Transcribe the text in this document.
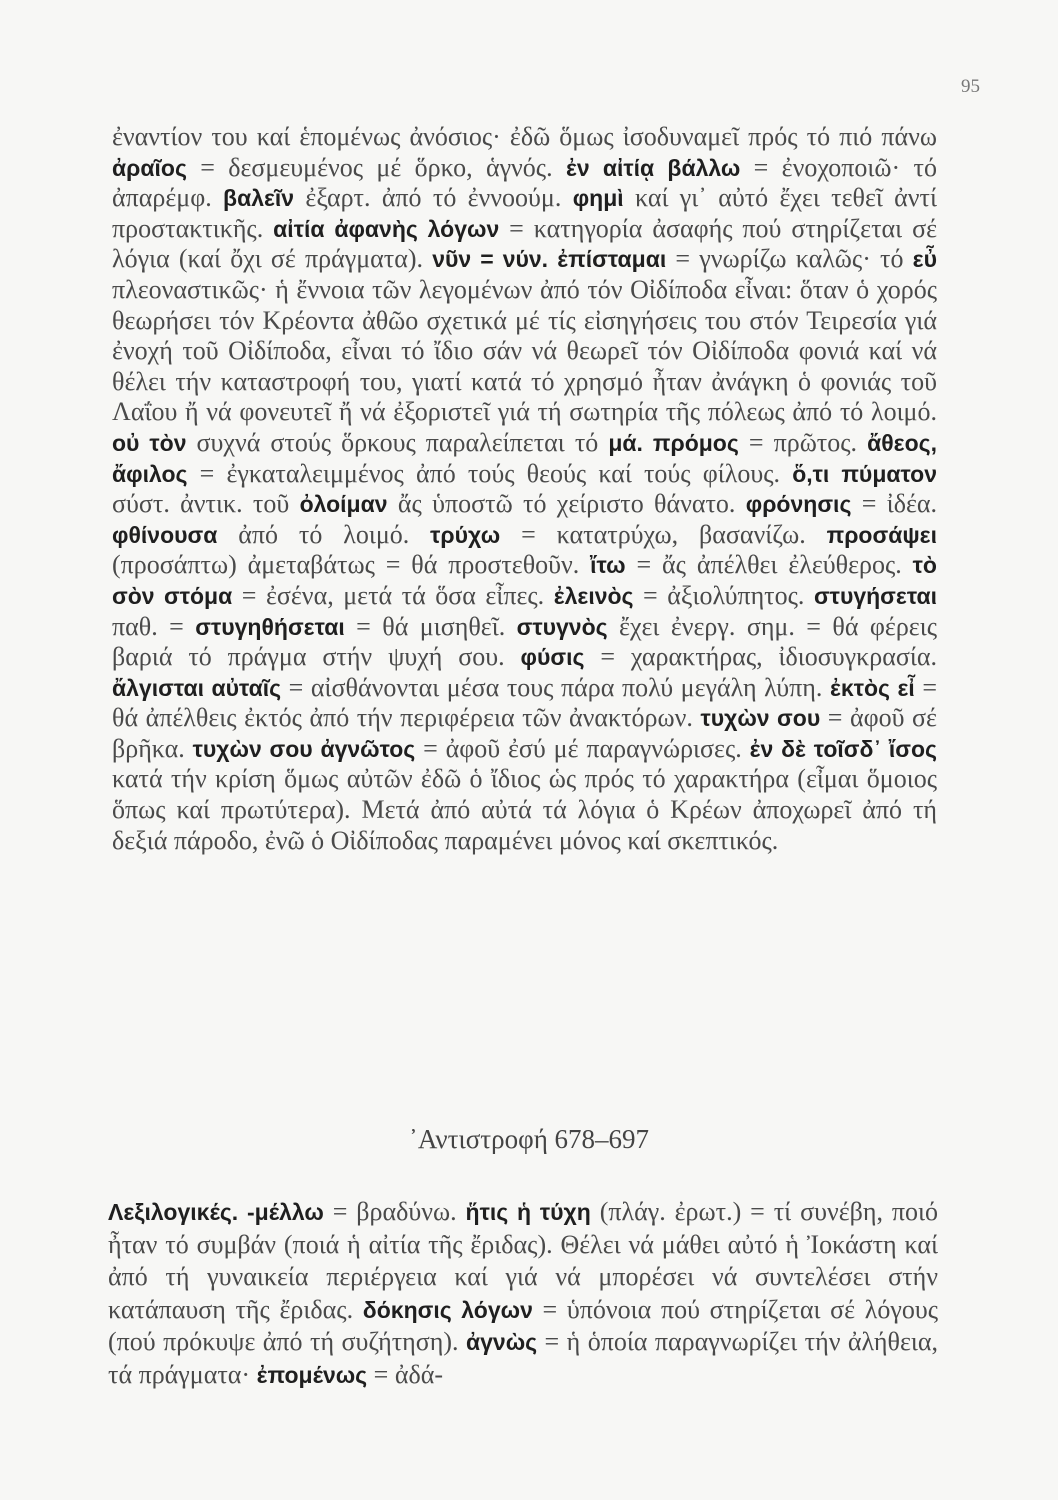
95

ἐναντίον του καί ἑπομένως ἀνόσιος· ἐδῶ ὅμως ἰσοδυναμεῖ πρός τό πιό πάνω ἀραῖος = δεσμευμένος μέ ὅρκο, ἁγνός. ἐν αἰτίᾳ βάλλω = ἐνοχοποιῶ· τό ἀπαρέμφ. βαλεῖν ἐξαρτ. ἀπό τό ἐννοούμ. φημὶ καί γι᾽ αὐτό ἔχει τεθεῖ ἀντί προστακτικῆς. αἰτία ἀφανὴς λόγων = κατηγορία ἀσαφής πού στηρίζεται σέ λόγια (καί ὄχι σέ πράγματα). νῦν = νύν. ἐπίσταμαι = γνωρίζω καλῶς· τό εὖ πλεοναστικῶς· ἡ ἔννοια τῶν λεγομένων ἀπό τόν Οἰδίποδα εἶναι: ὅταν ὁ χορός θεωρήσει τόν Κρέοντα ἀθῶο σχετικά μέ τίς εἰσηγήσεις του στόν Τειρεσία γιά ἐνοχή τοῦ Οἰδίποδα, εἶναι τό ἴδιο σάν νά θεωρεῖ τόν Οἰδίποδα φονιά καί νά θέλει τήν καταστροφή του, γιατί κατά τό χρησμό ἦταν ἀνάγκη ὁ φονιάς τοῦ Λαΐου ἤ νά φονευτεῖ ἤ νά ἐξοριστεῖ γιά τή σωτηρία τῆς πόλεως ἀπό τό λοιμό. οὐ τὸν συχνά στούς ὅρκους παραλείπεται τό μά. πρόμος = πρῶτος. ἄθεος, ἄφιλος = ἐγκαταλειμμένος ἀπό τούς θεούς καί τούς φίλους. ὅ,τι πύματον σύστ. ἀντικ. τοῦ ὀλοίμαν ἄς ὑποστῶ τό χείριστο θάνατο. φρόνησις = ἰδέα. φθίνουσα ἀπό τό λοιμό. τρύχω = κατατρύχω, βασανίζω. προσάψει (προσάπτω) ἀμεταβάτως = θά προστεθοῦν. ἴτω = ἄς ἀπέλθει ἐλεύθερος. τὸ σὸν στόμα = ἐσένα, μετά τά ὅσα εἶπες. ἐλεινὸς = ἀξιολύπητος. στυγήσεται παθ. = στυγηθήσεται = θά μισηθεῖ. στυγνὸς ἔχει ἐνεργ. σημ. = θά φέρεις βαριά τό πράγμα στήν ψυχή σου. φύσις = χαρακτήρας, ἰδιοσυγκρασία. ἄλγισται αὐταῖς = αἰσθάνονται μέσα τους πάρα πολύ μεγάλη λύπη. ἐκτὸς εἶ = θά ἀπέλθεις ἐκτός ἀπό τήν περιφέρεια τῶν ἀνακτόρων. τυχὼν σου = ἀφοῦ σέ βρῆκα. τυχὼν σου ἀγνῶτος = ἀφοῦ ἐσύ μέ παραγνώρισες. ἐν δὲ τοῖσδ᾽ ἴσος κατά τήν κρίση ὅμως αὐτῶν ἐδῶ ὁ ἴδιος ὡς πρός τό χαρακτήρα (εἶμαι ὅμοιος ὅπως καί πρωτύτερα). Μετά ἀπό αὐτά τά λόγια ὁ Κρέων ἀποχωρεῖ ἀπό τή δεξιά πάροδο, ἐνῶ ὁ Οἰδίποδας παραμένει μόνος καί σκεπτικός.

᾽Αντιστροφή 678–697

Λεξιλογικές. -μέλλω = βραδύνω. ἥτις ἡ τύχη (πλάγ. ἐρωτ.) = τί συνέβη, ποιό ἦταν τό συμβάν (ποιά ἡ αἰτία τῆς ἔριδας). Θέλει νά μάθει αὐτό ἡ Ἰοκάστη καί ἀπό τή γυναικεία περιέργεια καί γιά νά μπορέσει νά συντελέσει στήν κατάπαυση τῆς ἔριδας. δόκησις λόγων = ὑπόνοια πού στηρίζεται σέ λόγους (πού πρόκυψε ἀπό τή συζήτηση). ἀγνὼς = ἡ ὁποία παραγνωρίζει τήν ἀλήθεια, τά πράγματα· ἐπομένως = ἀδά-
